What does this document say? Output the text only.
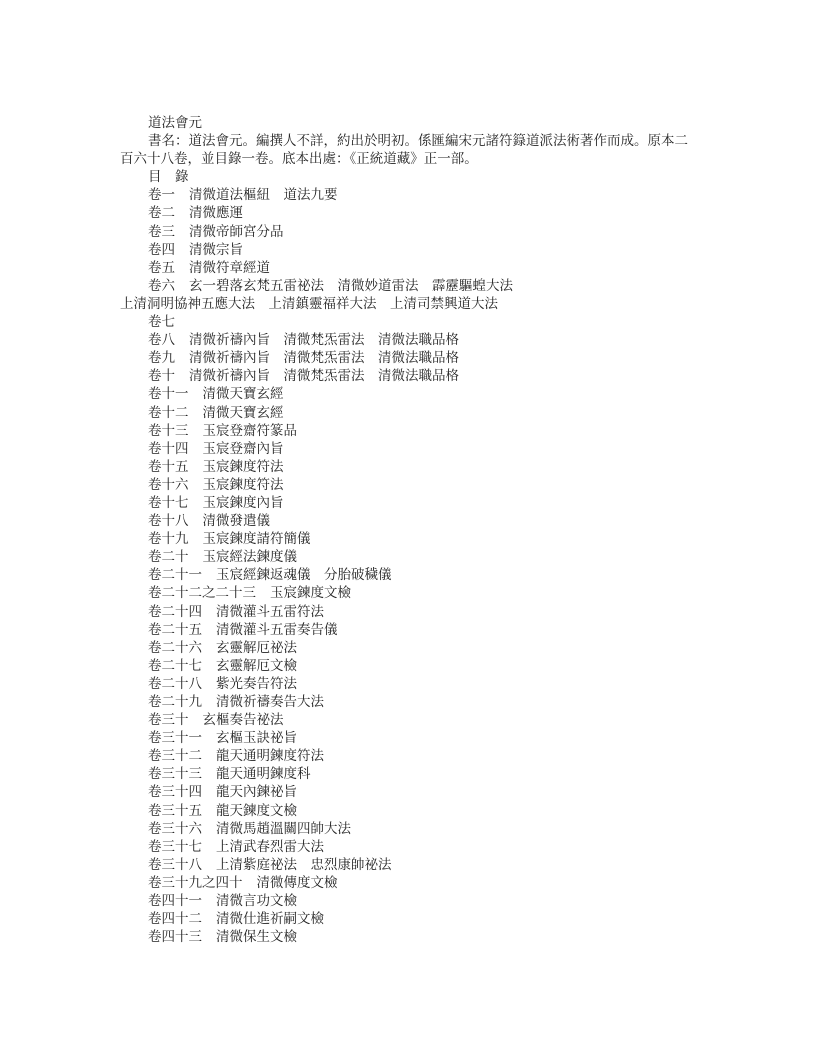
道法會元
書名：道法會元。編撰人不詳，約出於明初。係匯編宋元諸符籙道派法術著作而成。原本二百六十八卷，並目錄一卷。底本出處：《正統道藏》正一部。
目　錄
卷一 清微道法樞紐　道法九要
卷二 清微應運
卷三 清微帝師宮分品
卷四 清微宗旨
卷五 清微符章經道
卷六 玄一碧落玄梵五雷祕法　清微妙道雷法　霹靂驅蝗大法
上清洞明協神五應大法　上清鎮靈福祥大法　上清司禁興道大法
卷七
卷八 清微祈禱內旨　清微梵炁雷法　清微法職品格
卷九 清微祈禱內旨　清微梵炁雷法　清微法職品格
卷十 清微祈禱內旨　清微梵炁雷法　清微法職品格
卷十一 清微天寶玄經
卷十二 清微天寶玄經
卷十三 玉宸登齋符篆品
卷十四 玉宸登齋內旨
卷十五 玉宸鍊度符法
卷十六 玉宸鍊度符法
卷十七 玉宸鍊度內旨
卷十八 清微發遣儀
卷十九 玉宸鍊度請符簡儀
卷二十 玉宸經法鍊度儀
卷二十一 玉宸經鍊返魂儀　分胎破穢儀
卷二十二之二十三 玉宸鍊度文檢
卷二十四 清微灌斗五雷符法
卷二十五 清微灌斗五雷奏告儀
卷二十六 玄靈解厄祕法
卷二十七 玄靈解厄文檢
卷二十八 紫光奏告符法
卷二十九 清微祈禱奏告大法
卷三十 玄樞奏告祕法
卷三十一 玄樞玉訣祕旨
卷三十二 龍天通明鍊度符法
卷三十三 龍天通明鍊度科
卷三十四 龍天內鍊祕旨
卷三十五 龍天鍊度文檢
卷三十六 清微馬趙溫關四帥大法
卷三十七 上清武春烈雷大法
卷三十八 上清紫庭祕法　忠烈康帥祕法
卷三十九之四十 清微傳度文檢
卷四十一 清微言功文檢
卷四十二 清微仕進祈嗣文檢
卷四十三 清微保生文檢
